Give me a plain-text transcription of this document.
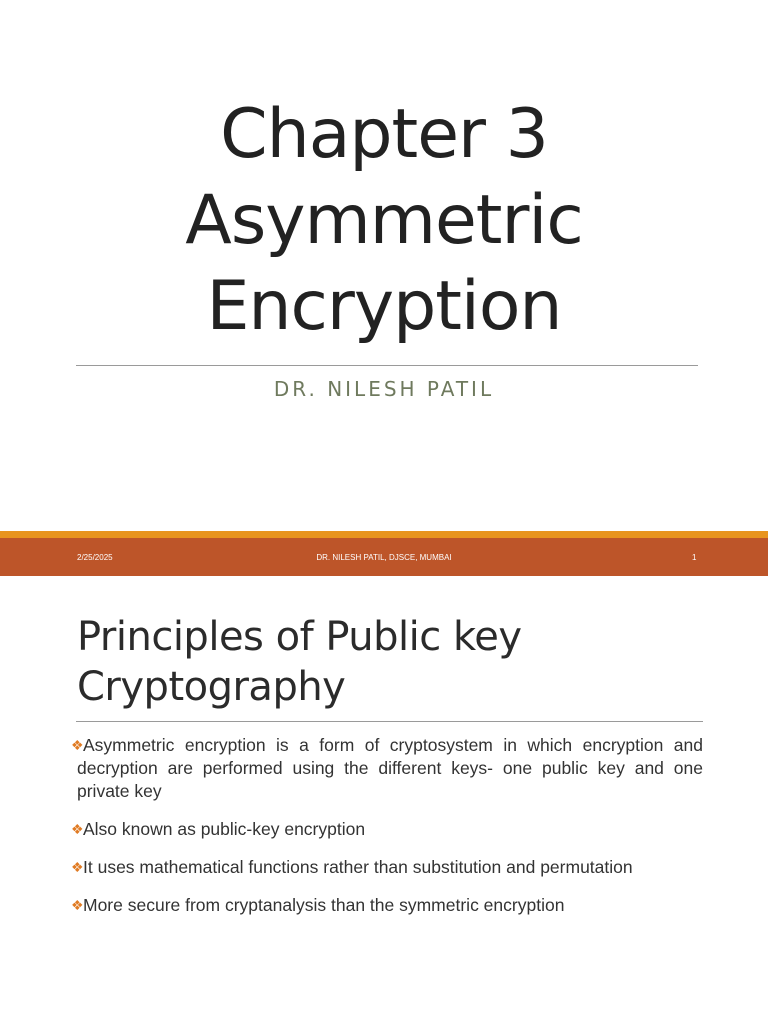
Chapter 3
Asymmetric
Encryption
DR. NILESH PATIL
2/25/2025	DR. NILESH PATIL, DJSCE, MUMBAI	1
Principles of Public key
Cryptography
❖Asymmetric encryption is a form of cryptosystem in which encryption and decryption are performed using the different keys- one public key and one private key
❖Also known as public-key encryption
❖It uses mathematical functions rather than substitution and permutation
❖More secure from cryptanalysis than the symmetric encryption
